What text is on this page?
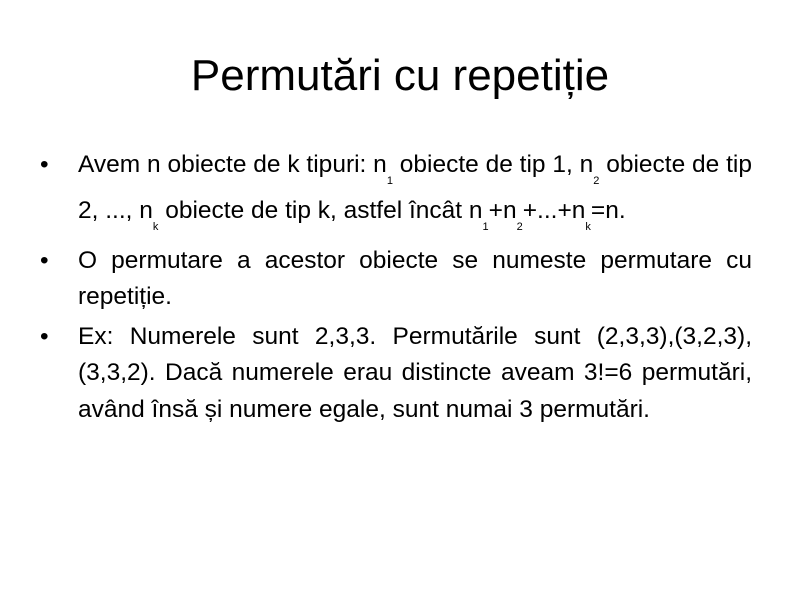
Permutări cu repetiție
• Avem n obiecte de k tipuri: $n_1$ obiecte de tip 1, $n_2$ obiecte de tip 2, ..., $n_k$ obiecte de tip k, astfel încât $n_1+n_2+...+n_k=n$.
• O permutare a acestor obiecte se numeste permutare cu repetiție.
• Ex: Numerele sunt 2,3,3. Permutările sunt (2,3,3),(3,2,3),(3,3,2). Dacă numerele erau distincte aveam 3!=6 permutări, având însă și numere egale, sunt numai 3 permutări.
